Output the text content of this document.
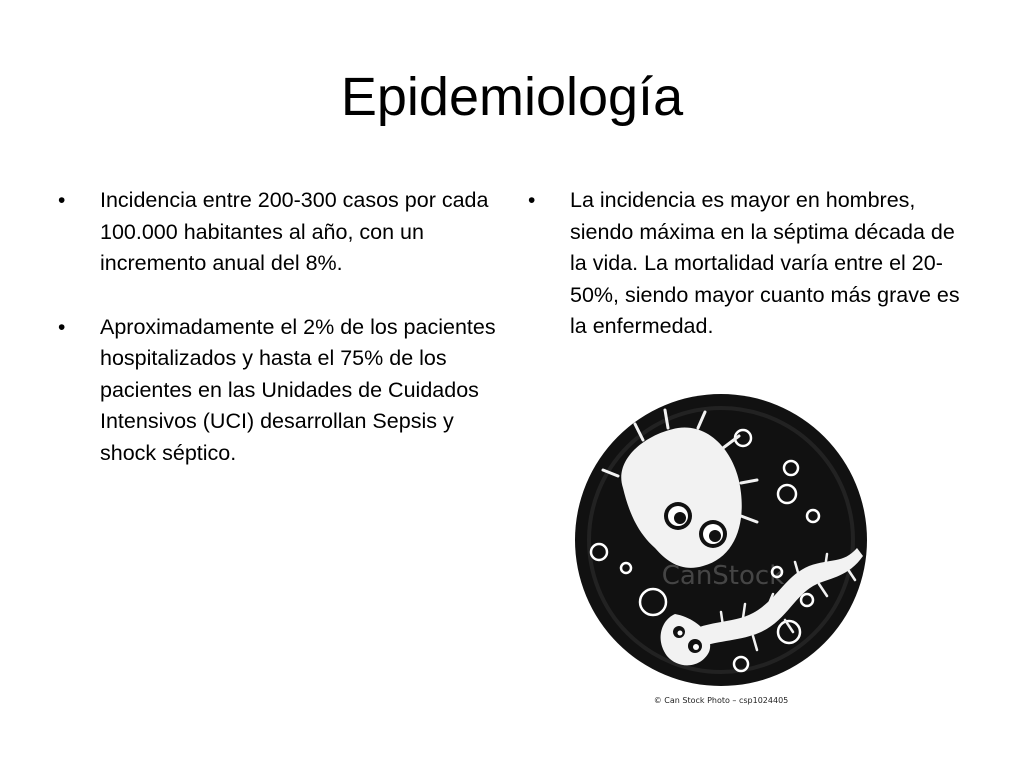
Epidemiología
• Incidencia entre 200-300 casos por cada 100.000 habitantes al año, con un incremento anual del 8%.
• Aproximadamente el 2% de los pacientes hospitalizados y hasta el 75% de los pacientes en las Unidades de Cuidados Intensivos (UCI) desarrollan Sepsis y shock séptico.
• La incidencia es mayor en hombres, siendo máxima en la séptima década de la vida. La mortalidad varía entre el 20-50%, siendo mayor cuanto más grave es la enfermedad.
CanStock
© Can Stock Photo – csp1024405
